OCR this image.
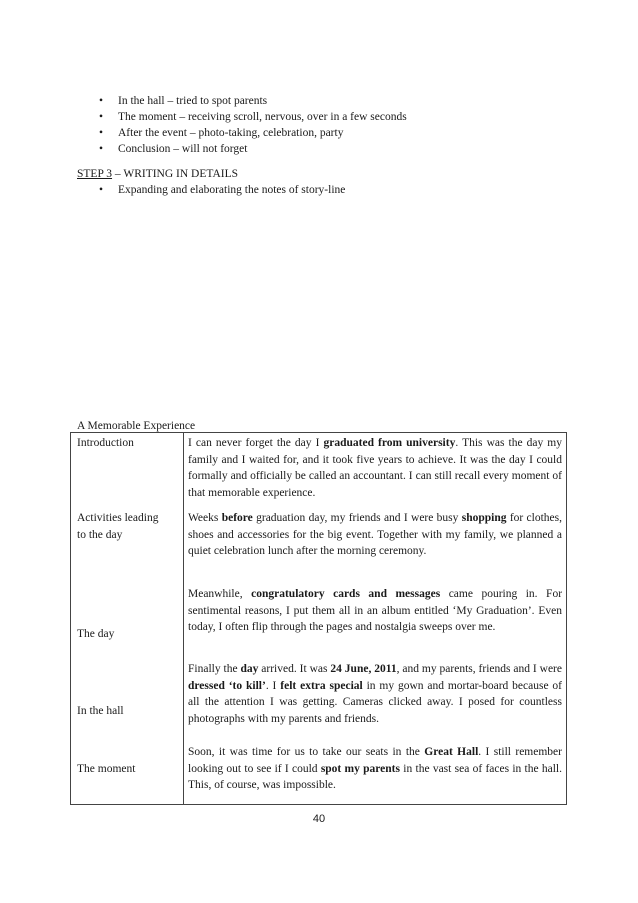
• In the hall – tried to spot parents
• The moment – receiving scroll, nervous, over in a few seconds
• After the event – photo-taking, celebration, party
• Conclusion – will not forget
STEP 3 – WRITING IN DETAILS
• Expanding and elaborating the notes of story-line
A Memorable Experience
Introduction
Activities leading
to the day
The day
In the hall
The moment
I can never forget the day I graduated from university. This was the day my family and I waited for, and it took five years to achieve. It was the day I could formally and officially be called an accountant. I can still recall every moment of that memorable experience.
Weeks before graduation day, my friends and I were busy shopping for clothes, shoes and accessories for the big event. Together with my family, we planned a quiet celebration lunch after the morning ceremony.
Meanwhile, congratulatory cards and messages came pouring in. For sentimental reasons, I put them all in an album entitled ‘My Graduation’. Even today, I often flip through the pages and nostalgia sweeps over me.
Finally the day arrived. It was 24 June, 2011, and my parents, friends and I were dressed ‘to kill’. I felt extra special in my gown and mortar-board because of all the attention I was getting. Cameras clicked away. I posed for countless photographs with my parents and friends.
Soon, it was time for us to take our seats in the Great Hall. I still remember looking out to see if I could spot my parents in the vast sea of faces in the hall. This, of course, was impossible.
40
